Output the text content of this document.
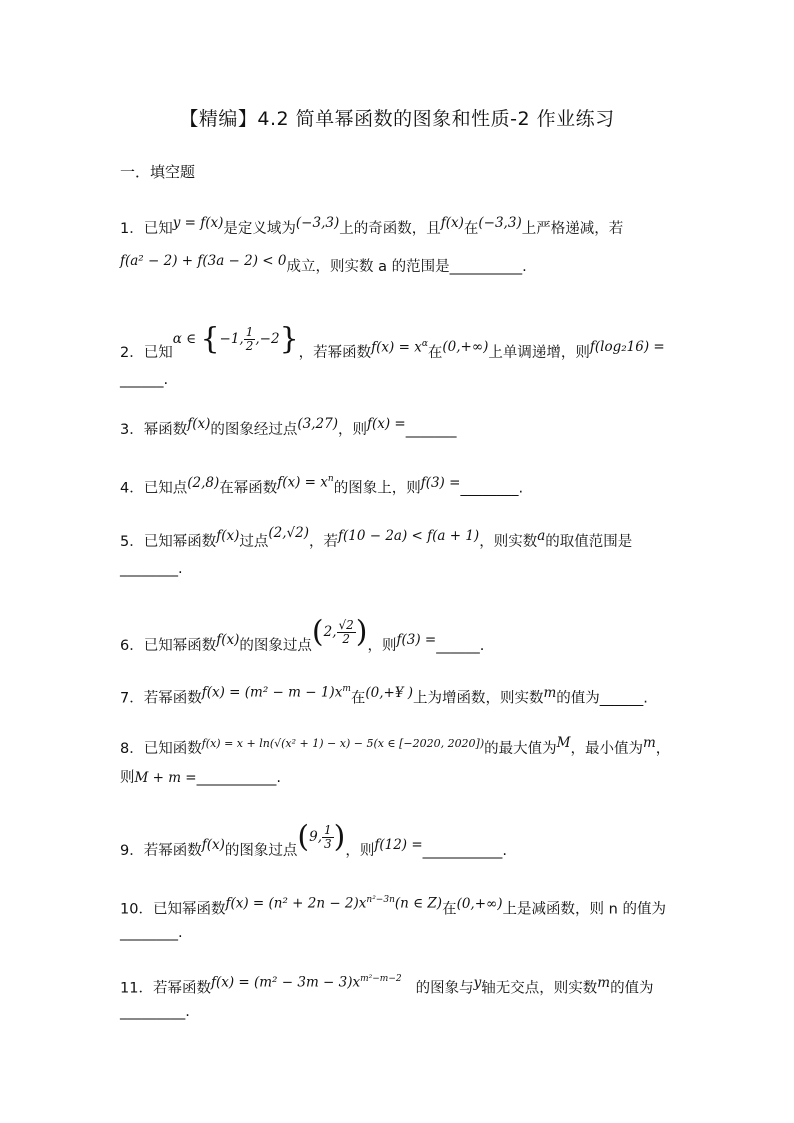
【精编】4.2 简单幂函数的图象和性质-2 作业练习
一．填空题
1．已知y = f(x)是定义域为(−3,3)上的奇函数，且f(x)在(−3,3)上严格递减，若
f(a² − 2) + f(3a − 2) < 0成立，则实数 a 的范围是__________.
2．已知α ∈ {−1, $\frac{1}{2} ,-2$}，若幂函数$f(x) = x^\alpha$在(0,+∞)上单调递增，则f(log₂16) =
______.
3．幂函数f(x)的图象经过点(3,27)，则f(x) =_______
4．已知点(2,8)在幂函数$f(x) = x^n$的图象上，则f(3) =________.
5．已知幂函数f(x)过点(2,√2)，若f(10 − 2a) < f(a + 1)，则实数a的取值范围是
________.
6．已知幂函数f(x)的图象过点(2, $\frac{√2}{2}$ )，则f(3) =______.
7．若幂函数$f(x) = (m^2 - m - 1)x^m$在(0,+¥ )上为增函数，则实数m的值为______.
8．已知函数f(x) = x + ln(√(x² + 1) − x) − 5(x ∈ [−2020, 2020])的最大值为M，最小值为m，
则M + m =___________.
9．若幂函数f(x)的图象过点(9, $\frac{1}{3}$ )，则f(12) =___________.
10．已知幂函数$f(x) = (n^2 + 2n - 2)x^{n^2-3n}(n$ ∈ Z)在(0,+∞)上是减函数，则 n 的值为
________.
11．若幂函数$f(x) = (m^2 - 3m - 3)x^{m^2-m-2}$的图象与y轴无交点，则实数m的值为
_________.
